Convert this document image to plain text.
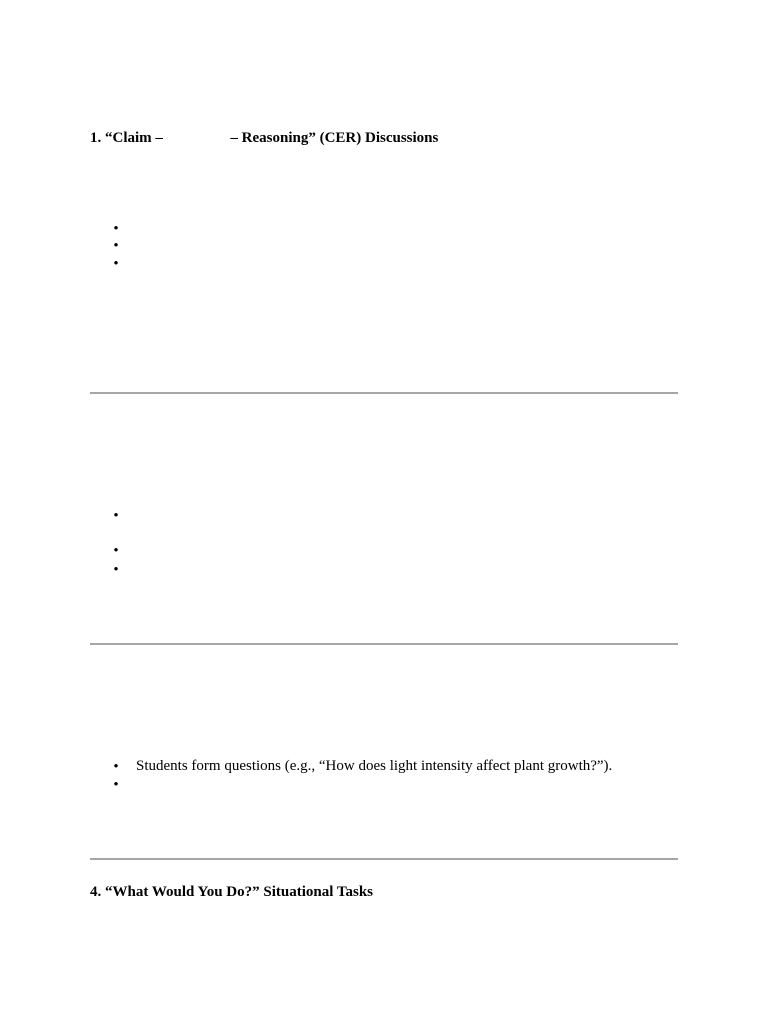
1. “Claim –                  – Reasoning” (CER) Discussions
•
•
•
•
•
•
• Students form questions (e.g., “How does light intensity affect plant growth?”).
•
4. “What Would You Do?” Situational Tasks
